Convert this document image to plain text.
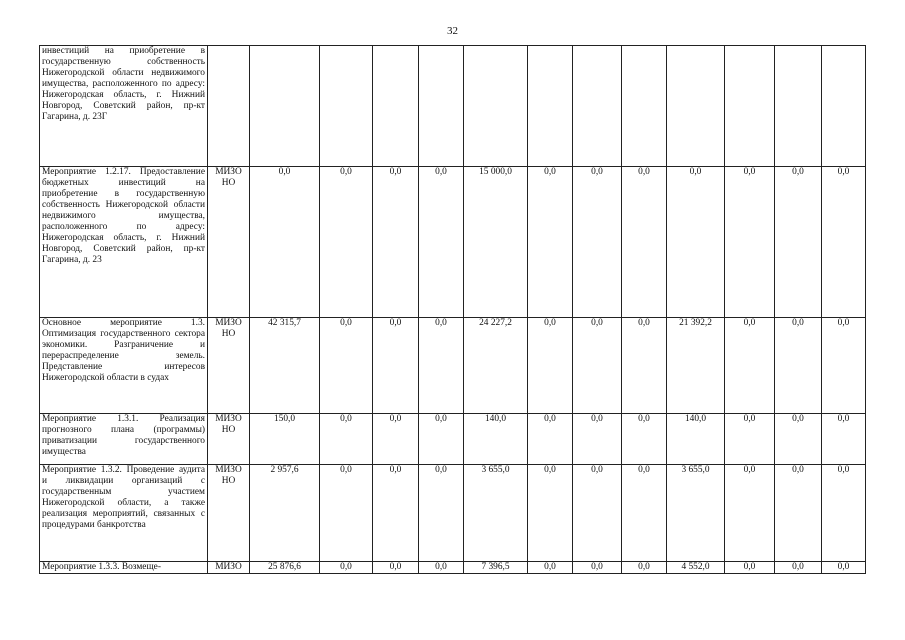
32
инвестиций на приобретение в государственную собственность Нижегородской области недвижимого имущества, расположенного по адресу: Нижегородская область, г. Нижний Новгород, Советский район, пр-кт Гагарина, д. 23Г													
Мероприятие 1.2.17. Предоставление бюджетных инвестиций на приобретение в государственную собственность Нижегородской области недвижимого имущества, расположенного по адресу: Нижегородская область, г. Нижний Новгород, Советский район, пр-кт Гагарина, д. 23	МИЗО НО	0,0	0,0	0,0	0,0	15 000,0	0,0	0,0	0,0	0,0	0,0	0,0	0,0
Основное мероприятие 1.3. Оптимизация государственного сектора экономики. Разграничение и перераспределение земель. Представление интересов Нижегородской области в судах	МИЗО НО	42 315,7	0,0	0,0	0,0	24 227,2	0,0	0,0	0,0	21 392,2	0,0	0,0	0,0
Мероприятие 1.3.1. Реализация прогнозного плана (программы) приватизации государственного имущества	МИЗО НО	150,0	0,0	0,0	0,0	140,0	0,0	0,0	0,0	140,0	0,0	0,0	0,0
Мероприятие 1.3.2. Проведение аудита и ликвидации организаций с государственным участием Нижегородской области, а также реализация мероприятий, связанных с процедурами банкротства	МИЗО НО	2 957,6	0,0	0,0	0,0	3 655,0	0,0	0,0	0,0	3 655,0	0,0	0,0	0,0
Мероприятие 1.3.3. Возмеще-	МИЗО	25 876,6	0,0	0,0	0,0	7 396,5	0,0	0,0	0,0	4 552,0	0,0	0,0	0,0
